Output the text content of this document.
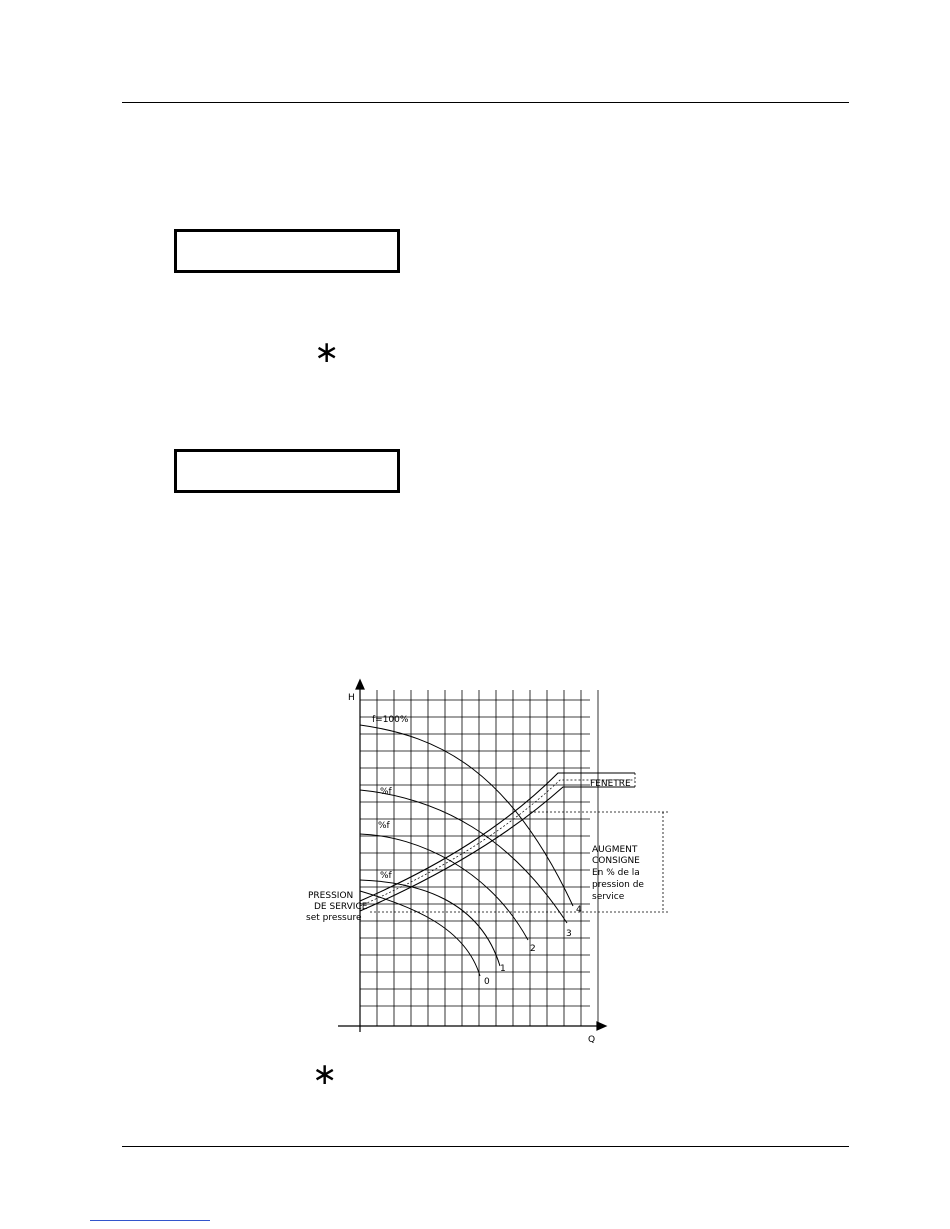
∗
H
Q
f=100%
%f
%f
%f
FENETRE
PRESSION
DE SERVICE
set pressure
AUGMENT
CONSIGNE
En % de la
pression de
service
0
1
2
3
4
∗
